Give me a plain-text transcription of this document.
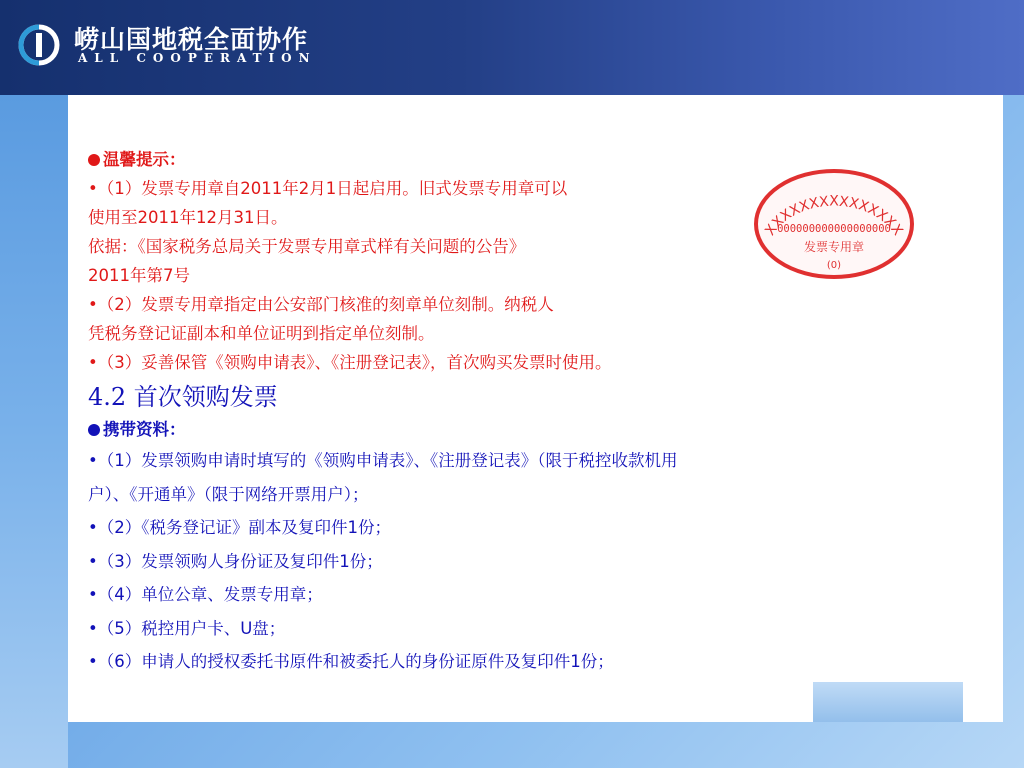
崂山国地税全面协作
ALL COOPERATION
温馨提示：
•（1）发票专用章自2011年2月1日起启用。旧式发票专用章可以
使用至2011年12月31日。
依据：《国家税务总局关于发票专用章式样有关问题的公告》
2011年第7号
•（2）发票专用章指定由公安部门核准的刻章单位刻制。纳税人
凭税务登记证副本和单位证明到指定单位刻制。
•（3）妥善保管《领购申请表》、《注册登记表》，首次购买发票时使用。
4.2 首次领购发票
携带资料：
•（1）发票领购申请时填写的《领购申请表》、《注册登记表》（限于税控收款机用
户）、《开通单》（限于网络开票用户）；
•（2）《税务登记证》副本及复印件1份；
•（3）发票领购人身份证及复印件1份；
•（4）单位公章、发票专用章；
•（5）税控用户卡、U盘；
•（6）申请人的授权委托书原件和被委托人的身份证原件及复印件1份；
XXXXXXXXXXXXXXX
000000000000000000
发票专用章
(0)
